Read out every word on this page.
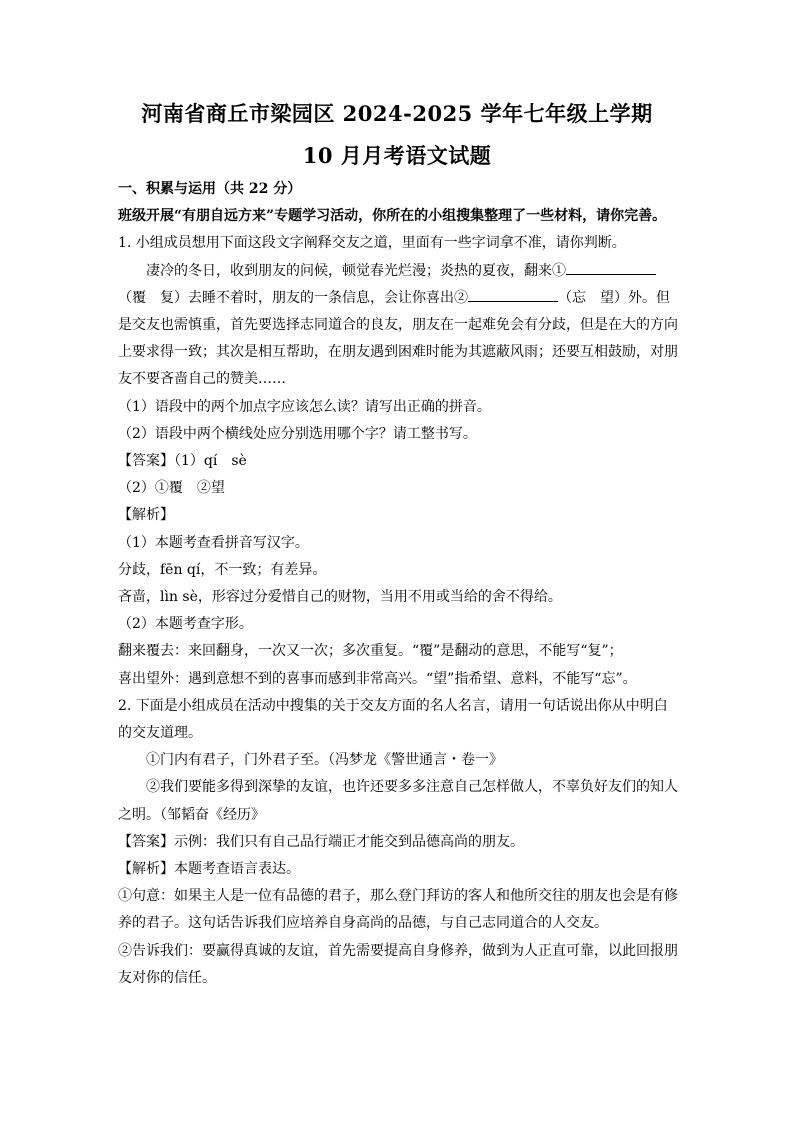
河南省商丘市梁园区 2024-2025 学年七年级上学期
10 月月考语文试题

一、积累与运用（共 22 分）

班级开展“有朋自远方来”专题学习活动，你所在的小组搜集整理了一些材料，请你完善。

1. 小组成员想用下面这段文字阐释交友之道，里面有一些字词拿不准，请你判断。

凄冷的冬日，收到朋友的问候，顿觉春光烂漫；炎热的夏夜，翻来①（覆　复）去睡不着时，朋友的一条信息，会让你喜出②	（忘　望）外。但是交友也需慎重，首先要选择志同道合的良友，朋友在一起难免会有分歧，但是在大的方向上要求得一致；其次是相互帮助，在朋友遇到困难时能为其遮蔽风雨；还要互相鼓励，对朋友不要吝啬自己的赞美……

（1）语段中的两个加点字应该怎么读？请写出正确的拼音。

（2）语段中两个横线处应分别选用哪个字？请工整书写。

【答案】（1）qí　sè

（2）①覆　②望

【解析】

（1）本题考查看拼音写汉字。

分歧，fēn qí，不一致；有差异。

吝啬，lìn sè，形容过分爱惜自己的财物，当用不用或当给的舍不得给。

（2）本题考查字形。

翻来覆去：来回翻身，一次又一次；多次重复。“覆”是翻动的意思，不能写“复”；

喜出望外：遇到意想不到的喜事而感到非常高兴。“望”指希望、意料，不能写“忘”。

2. 下面是小组成员在活动中搜集的关于交友方面的名人名言，请用一句话说出你从中明白的交友道理。

①门内有君子，门外君子至。（冯梦龙《警世通言・卷一》

②我们要能多得到深挚的友谊，也许还要多多注意自己怎样做人，不辜负好友们的知人之明。（邹韬奋《经历》

【答案】示例：我们只有自己品行端正才能交到品德高尚的朋友。

【解析】本题考查语言表达。

①句意：如果主人是一位有品德的君子，那么登门拜访的客人和他所交往的朋友也会是有修养的君子。这句话告诉我们应培养自身高尚的品德，与自己志同道合的人交友。

②告诉我们：要赢得真诚的友谊，首先需要提高自身修养，做到为人正直可靠，以此回报朋友对你的信任。
